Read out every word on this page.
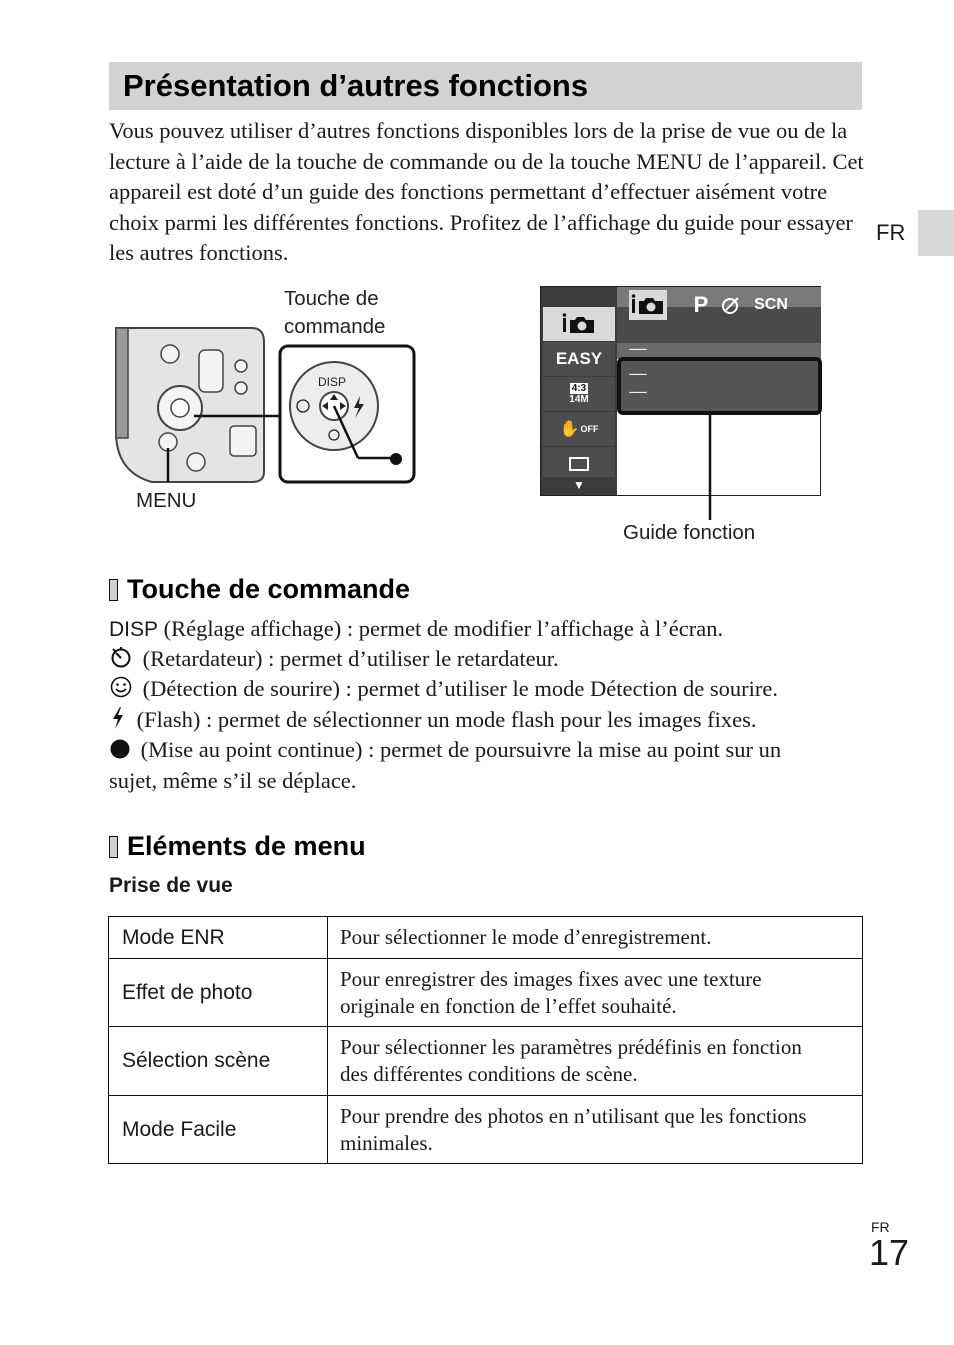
Présentation d’autres fonctions

Vous pouvez utiliser d’autres fonctions disponibles lors de la prise de vue ou de la lecture à l’aide de la touche de commande ou de la touche MENU de l’appareil. Cet appareil est doté d’un guide des fonctions permettant d’effectuer aisément votre choix parmi les différentes fonctions. Profitez de l’affichage du guide pour essayer les autres fonctions.

FR
Touche de
commande
MENU
DISP
-------
EASY
4:3
14M
✋ OFF
▼
P	SCN
-------
-------
Guide fonction
Touche de commande

DISP (Réglage affichage) : permet de modifier l’affichage à l’écran.

(Retardateur) : permet d’utiliser le retardateur.

(Détection de sourire) : permet d’utiliser le mode Détection de sourire.

(Flash) : permet de sélectionner un mode flash pour les images fixes.

(Mise au point continue) : permet de poursuivre la mise au point sur un

sujet, même s’il se déplace.

Eléments de menu
Prise de vue
Mode ENR	Pour sélectionner le mode d’enregistrement.

Effet de photo	Pour enregistrer des images fixes avec une texture
originale en fonction de l’effet souhaité.

Sélection scène	Pour sélectionner les paramètres prédéfinis en fonction
des différentes conditions de scène.

Mode Facile	Pour prendre des photos en n’utilisant que les fonctions
minimales.
FR
17
